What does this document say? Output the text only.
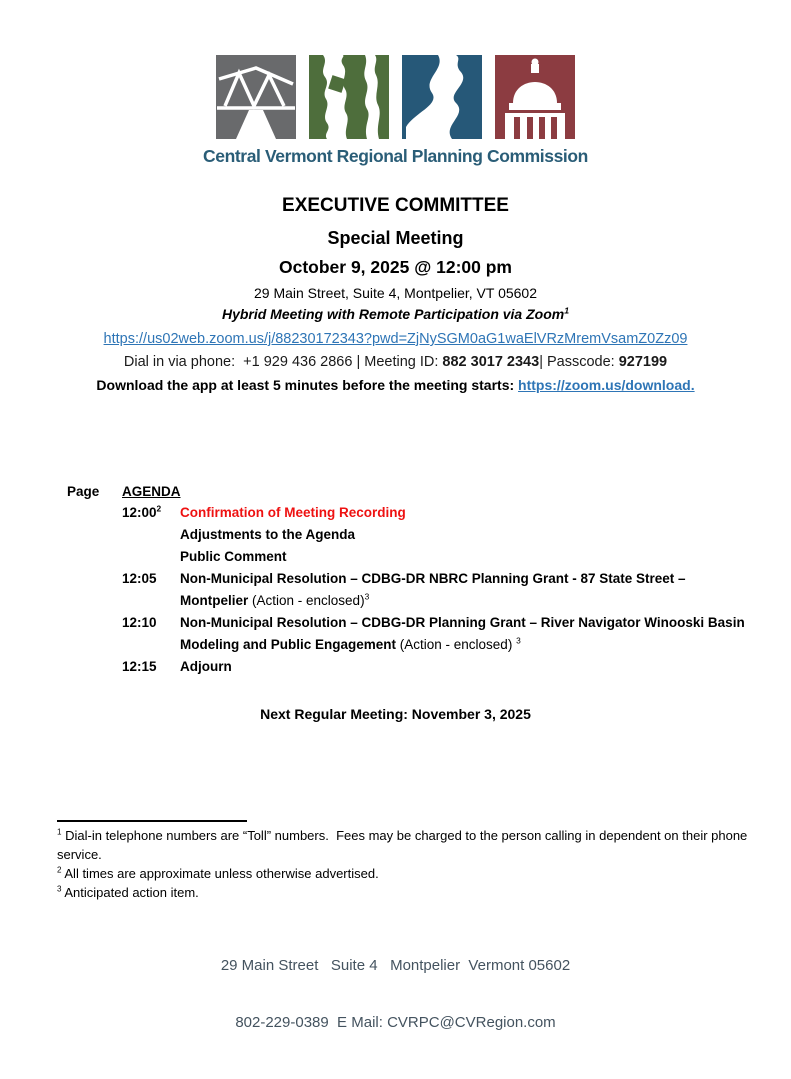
Central Vermont Regional Planning Commission
EXECUTIVE COMMITTEE
Special Meeting
October 9, 2025 @ 12:00 pm
29 Main Street, Suite 4, Montpelier, VT 05602
Hybrid Meeting with Remote Participation via Zoom$^1$
https://us02web.zoom.us/j/88230172343?pwd=ZjNySGM0aG1waElVRzMremVsamZ0Zz09
Dial in via phone:  +1 929 436 2866 | Meeting ID: 882 3017 2343| Passcode: 927199
Download the app at least 5 minutes before the meeting starts: https://zoom.us/download.
Page	AGENDA
$12:00^2$	Confirmation of Meeting Recording
Adjustments to the Agenda
Public Comment
12:05	Non-Municipal Resolution – CDBG-DR NBRC Planning Grant - 87 State Street –
Montpelier (Action - enclosed)$^3$
12:10	Non-Municipal Resolution – CDBG-DR Planning Grant – River Navigator Winooski Basin
Modeling and Public Engagement (Action - enclosed) $^3$
12:15	Adjourn
Next Regular Meeting: November 3, 2025
$^1$ Dial-in telephone numbers are “Toll” numbers.  Fees may be charged to the person calling in dependent on their phone service.
$^2$ All times are approximate unless otherwise advertised.
$^3$ Anticipated action item.

29 Main Street   Suite 4   Montpelier  Vermont 05602

802-229-0389  E Mail: CVRPC@CVRegion.com
